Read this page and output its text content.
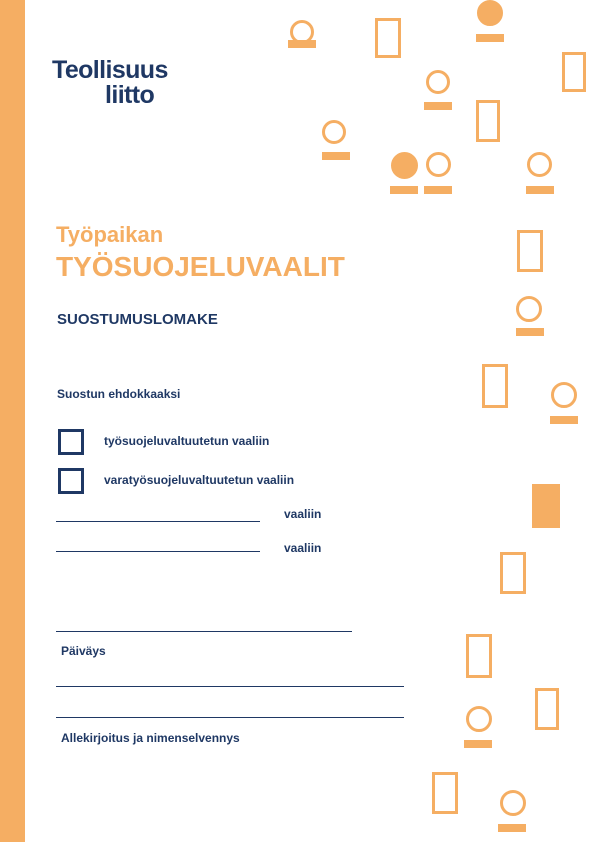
Teollisuus
liitto
Työpaikan
TYÖSUOJELUVAALIT
SUOSTUMUSLOMAKE
Suostun ehdokkaaksi
työsuojeluvaltuutetun vaaliin
varatyösuojeluvaltuutetun vaaliin
vaaliin
vaaliin
Päiväys
Allekirjoitus ja nimenselvennys
